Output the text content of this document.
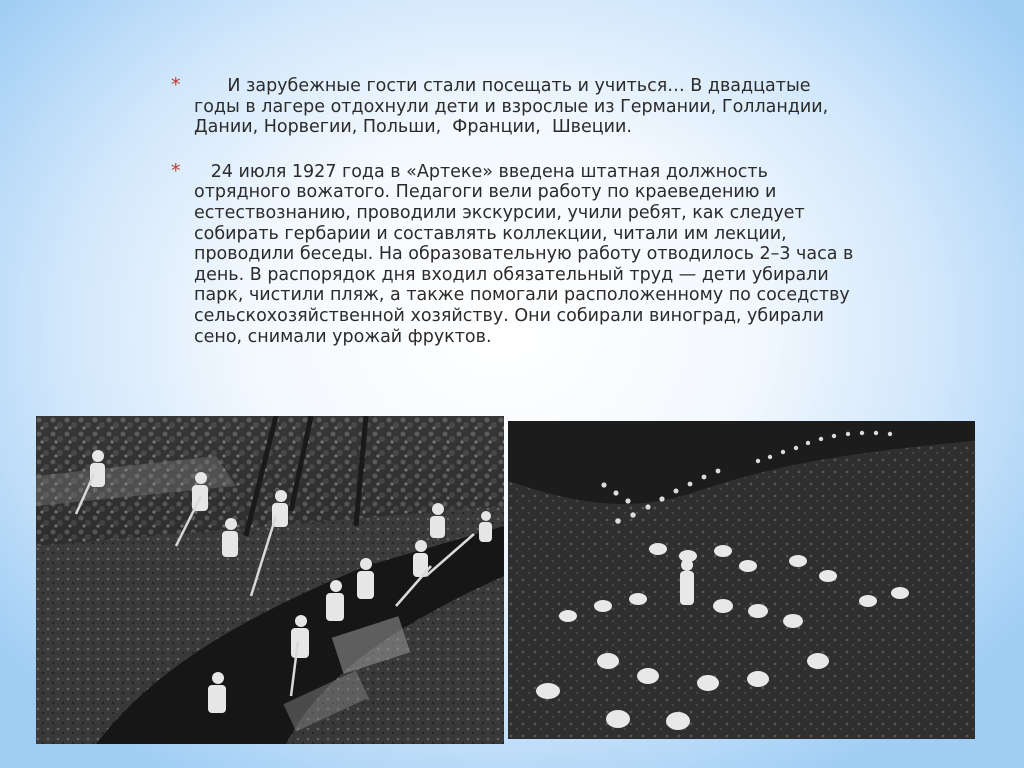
* И зарубежные гости стали посещать и учиться… В двадцатые годы в лагере отдохнули дети и взрослые из Германии, Голландии,  Дании, Норвегии, Польши,  Франции,  Швеции.
* 24 июля 1927 года в «Артеке» введена штатная должность отрядного вожатого. Педагоги вели работу по краеведению и естествознанию, проводили экскурсии, учили ребят, как следует собирать гербарии и составлять коллекции, читали им лекции, проводили беседы. На образовательную работу отводилось 2–3 часа в день. В распорядок дня входил обязательный труд — дети убирали парк, чистили пляж, а также помогали расположенному по соседству сельскохозяйственной хозяйству. Они собирали виноград, убирали сено, снимали урожай фруктов.
